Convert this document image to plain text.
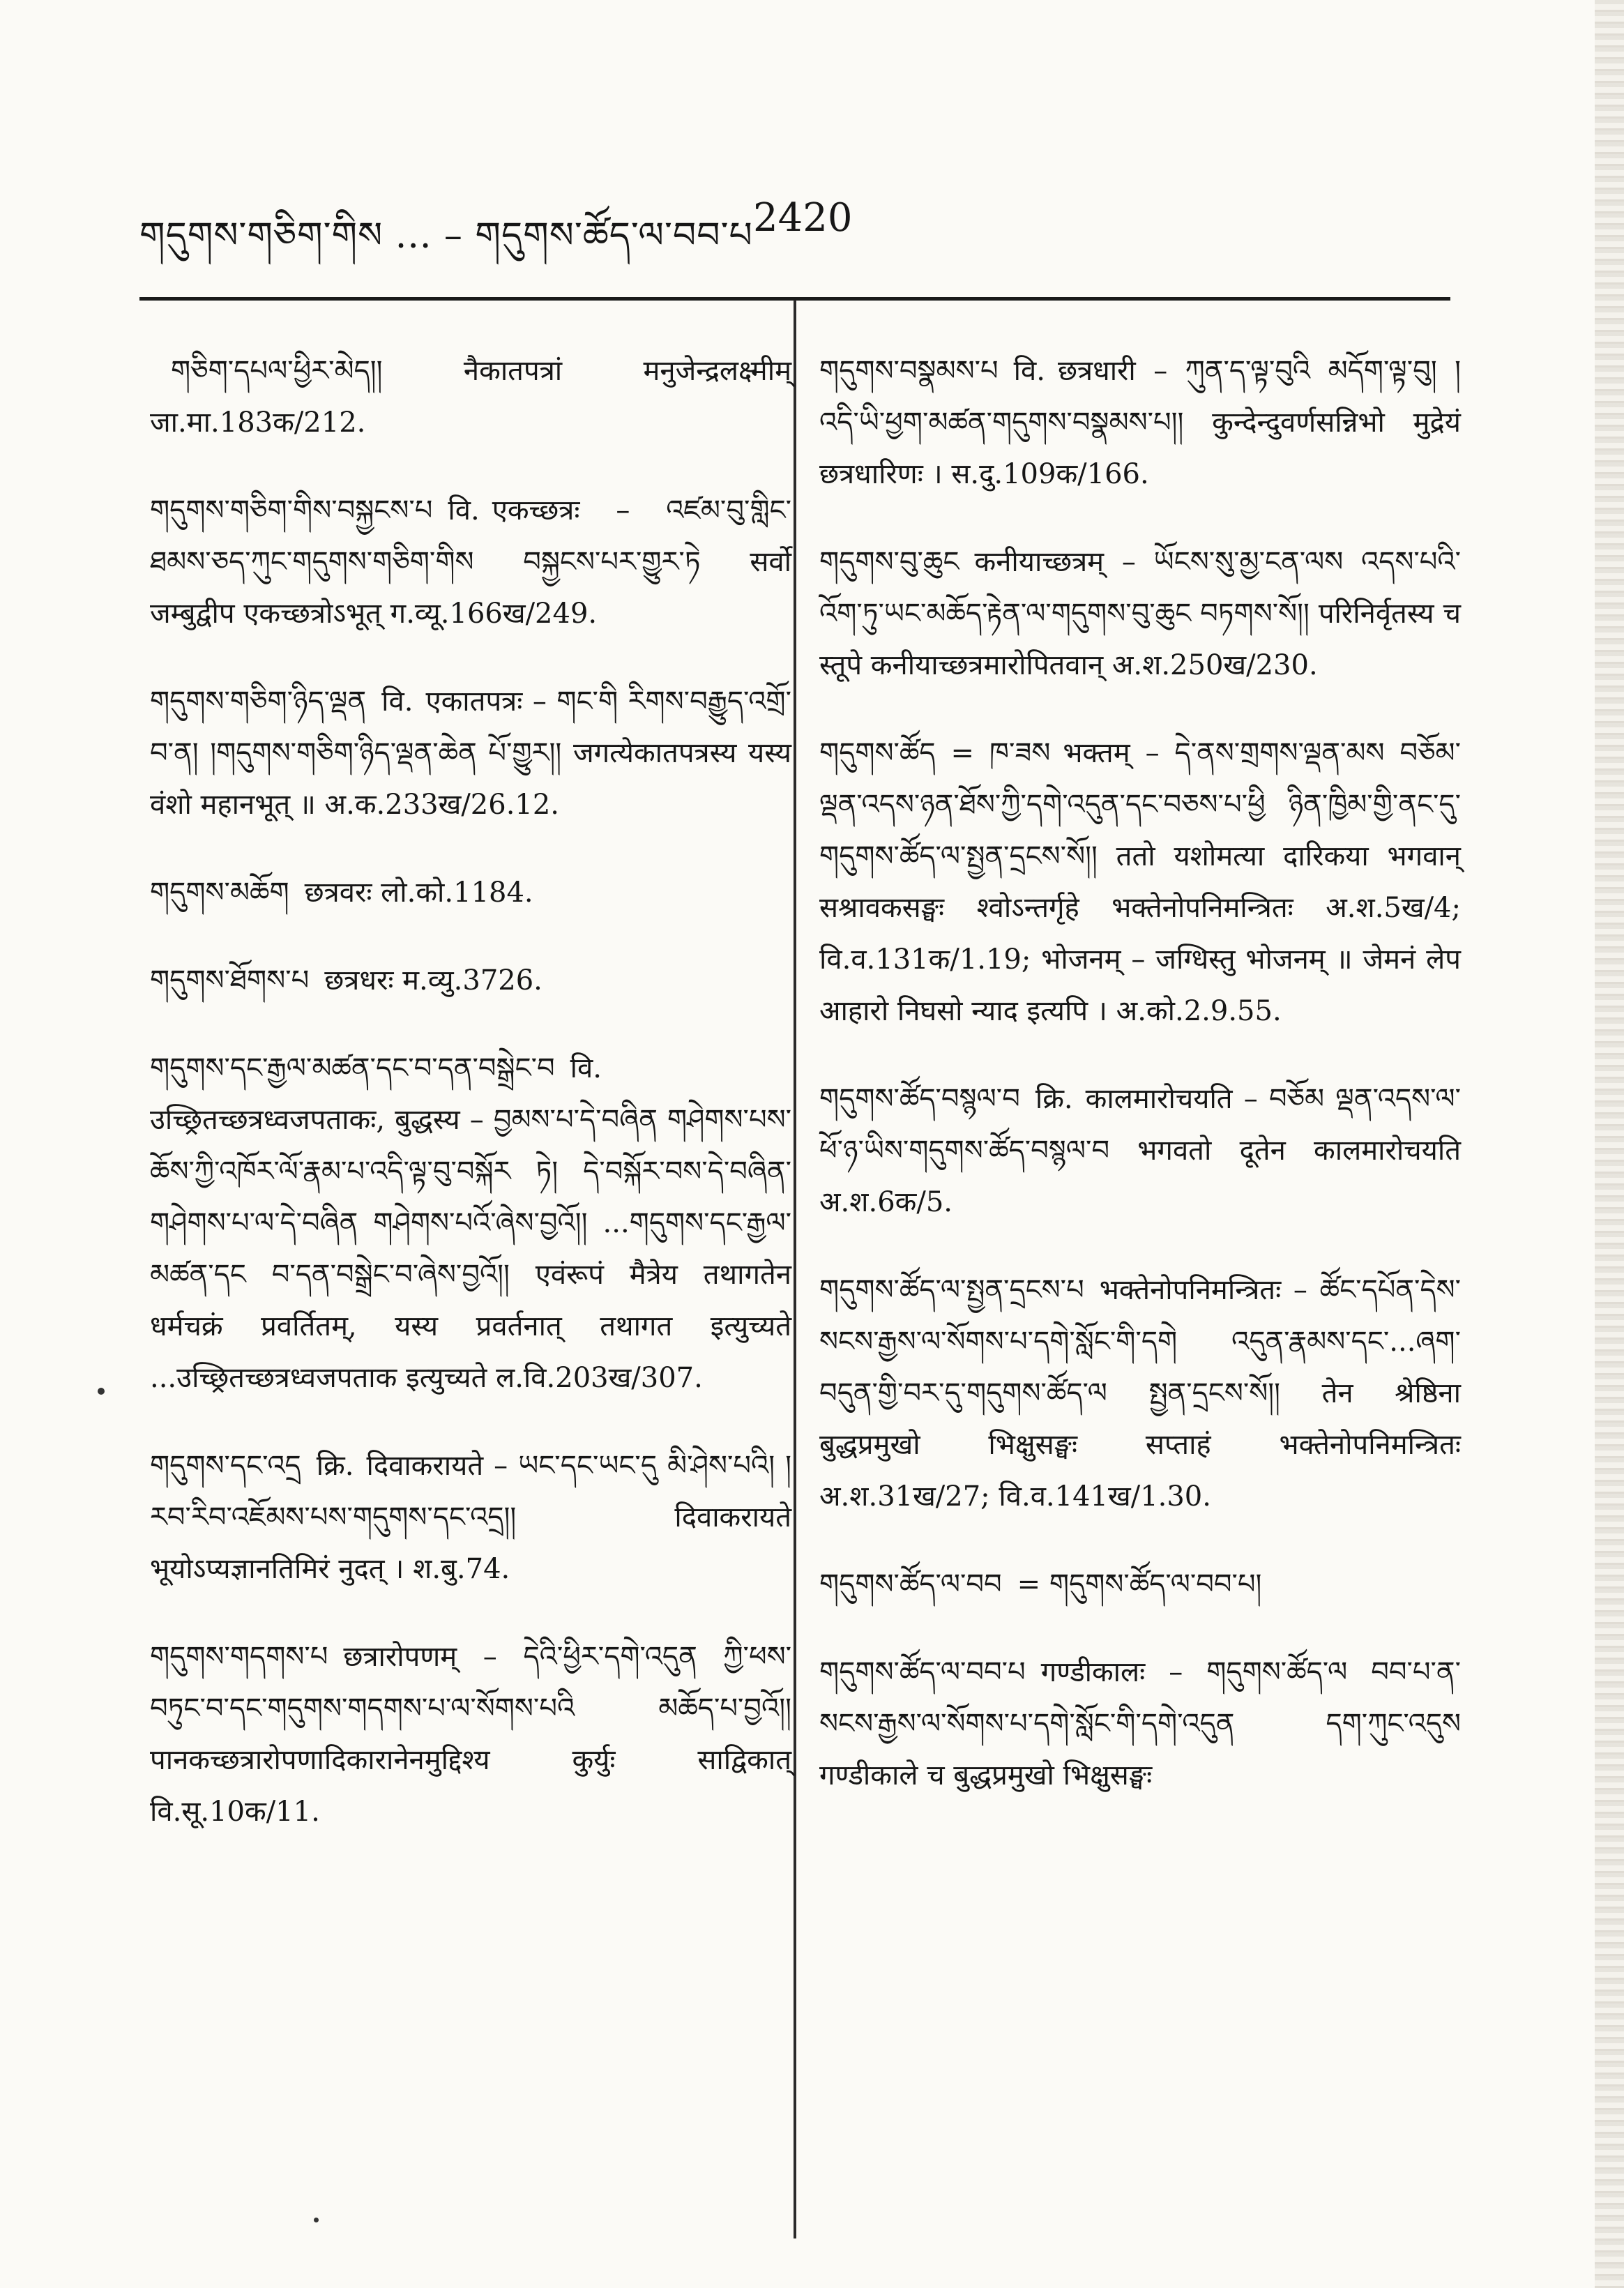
གདུགས་གཅིག་གིས ... – གདུགས་ཚོད་ལ་བབ་པ 2420

གཅིག་དཔལ་ཕྱིར་མེད།། नैकातपत्रां मनुजेन्द्रलक्ष्मीम् जा.मा.183क/212.

གདུགས་གཅིག་གིས་བསྐྱངས་པ वि. एकच्छत्रः – འཛམ་བུ་གླིང་ཐམས་ཅད་ཀུང་གདུགས་གཅིག་གིས བསྐྱངས་པར་གྱུར་ཏེ सर्वो जम्बुद्वीप एकच्छत्रोऽभूत् ग.व्यू.166ख/249.

གདུགས་གཅིག་ཉིད་ལྡན वि. एकातपत्रः – གང་གི རིགས་བརྒྱུད་འགྲོ་བ་ན། །གདུགས་གཅིག་ཉིད་ལྡན་ཆེན པོ་གྱུར།། जगत्येकातपत्रस्य यस्य वंशो महानभूत् ॥ अ.क.233ख/26.12.

གདུགས་མཆོག छत्रवरः लो.को.1184.

གདུགས་ཐོགས་པ छत्रधरः म.व्यु.3726.

གདུགས་དང་རྒྱལ་མཚན་དང་བ་དན་བསྒྲེང་བ वि. उच्छ्रितच्छत्रध्वजपताकः, बुद्धस्य – བྱམས་པ་དེ་བཞིན གཤེགས་པས་ཆོས་ཀྱི་འཁོར་ལོ་རྣམ་པ་འདི་ལྟ་བུ་བསྐོར ཏེ། དེ་བསྐོར་བས་དེ་བཞིན་གཤེགས་པ་ལ་དེ་བཞིན གཤེགས་པའོ་ཞེས་བྱའོ།། ...གདུགས་དང་རྒྱལ་མཚན་དང བ་དན་བསྒྲེང་བ་ཞེས་བྱའོ།། एवंरूपं मैत्रेय तथागतेन धर्मचक्रं प्रवर्तितम्, यस्य प्रवर्तनात् तथागत इत्युच्यते ...उच्छ्रितच्छत्रध्वजपताक इत्युच्यते ल.वि.203ख/307.

གདུགས་དང་འདྲ क्रि. दिवाकरायते – ཡང་དང་ཡང་དུ མི་ཤེས་པའི། །རབ་རིབ་འཇོམས་པས་གདུགས་དང་འདྲ།། दिवाकरायते भूयोऽप्यज्ञानतिमिरं नुदत् । श.बु.74.

གདུགས་གདགས་པ छत्रारोपणम् – དེའི་ཕྱིར་དགེ་འདུན ཀྱི་ཕས་བཏུང་བ་དང་གདུགས་གདགས་པ་ལ་སོགས་པའི མཆོད་པ་བྱའོ།། पानकच्छत्रारोपणादिकारानेनमुद्दिश्य कुर्युः साद्विकात् वि.सू.10क/11.

གདུགས་བསྣམས་པ वि. छत्रधारी – ཀུན་ད་ལྟ་བུའི མདོག་ལྟ་བུ། །འདི་ཡི་ཕྱག་མཚན་གདུགས་བསྣམས་པ།། कुन्देन्दुवर्णसन्निभो मुद्रेयं छत्रधारिणः । स.दु.109क/166.

གདུགས་བུ་ཆུང कनीयाच्छत्रम् – ཡོངས་སུ་མྱ་ངན་ལས འདས་པའི་འོག་ཏུ་ཡང་མཆོད་རྟེན་ལ་གདུགས་བུ་ཆུང བཏགས་སོ།། परिनिर्वृतस्य च स्तूपे कनीयाच्छत्रमारोपितवान् अ.श.250ख/230.

གདུགས་ཚོད = ཁ་ཟས भक्तम् – དེ་ནས་གྲགས་ལྡན་མས བཅོམ་ལྡན་འདས་ཉན་ཐོས་ཀྱི་དགེ་འདུན་དང་བཅས་པ་ཕྱི ཉིན་ཁྱིམ་གྱི་ནང་དུ་གདུགས་ཚོད་ལ་སྤྱན་དྲངས་སོ།། ततो यशोमत्या दारिकया भगवान् सश्रावकसङ्घः श्वोऽन्तर्गृहे भक्तेनोपनिमन्त्रितः अ.श.5ख/4; वि.व.131क/1.19; भोजनम् – जग्धिस्तु भोजनम् ॥ जेमनं लेप आहारो निघसो न्याद इत्यपि । अ.को.2.9.55.

གདུགས་ཚོད་བསྙལ་བ क्रि. कालमारोचयति – བཅོམ ལྡན་འདས་ལ་ཕོ་ཉ་ཡིས་གདུགས་ཚོད་བསྙལ་བ भगवतो दूतेन कालमारोचयति अ.श.6क/5.

གདུགས་ཚོད་ལ་སྤྱན་དྲངས་པ भक्तेनोपनिमन्त्रितः – ཚོང་དཔོན་དེས་སངས་རྒྱས་ལ་སོགས་པ་དགེ་སློང་གི་དགེ འདུན་རྣམས་དང་...ཞག་བདུན་གྱི་བར་དུ་གདུགས་ཚོད་ལ སྤྱན་དྲངས་སོ།། तेन श्रेष्ठिना बुद्धप्रमुखो भिक्षुसङ्घः सप्ताहं भक्तेनोपनिमन्त्रितः अ.श.31ख/27; वि.व.141ख/1.30.

གདུགས་ཚོད་ལ་བབ = གདུགས་ཚོད་ལ་བབ་པ།

གདུགས་ཚོད་ལ་བབ་པ गण्डीकालः – གདུགས་ཚོད་ལ བབ་པ་ན་སངས་རྒྱས་ལ་སོགས་པ་དགེ་སློང་གི་དགེ་འདུན དག་ཀུང་འདུས गण्डीकाले च बुद्धप्रमुखो भिक्षुसङ्घः
